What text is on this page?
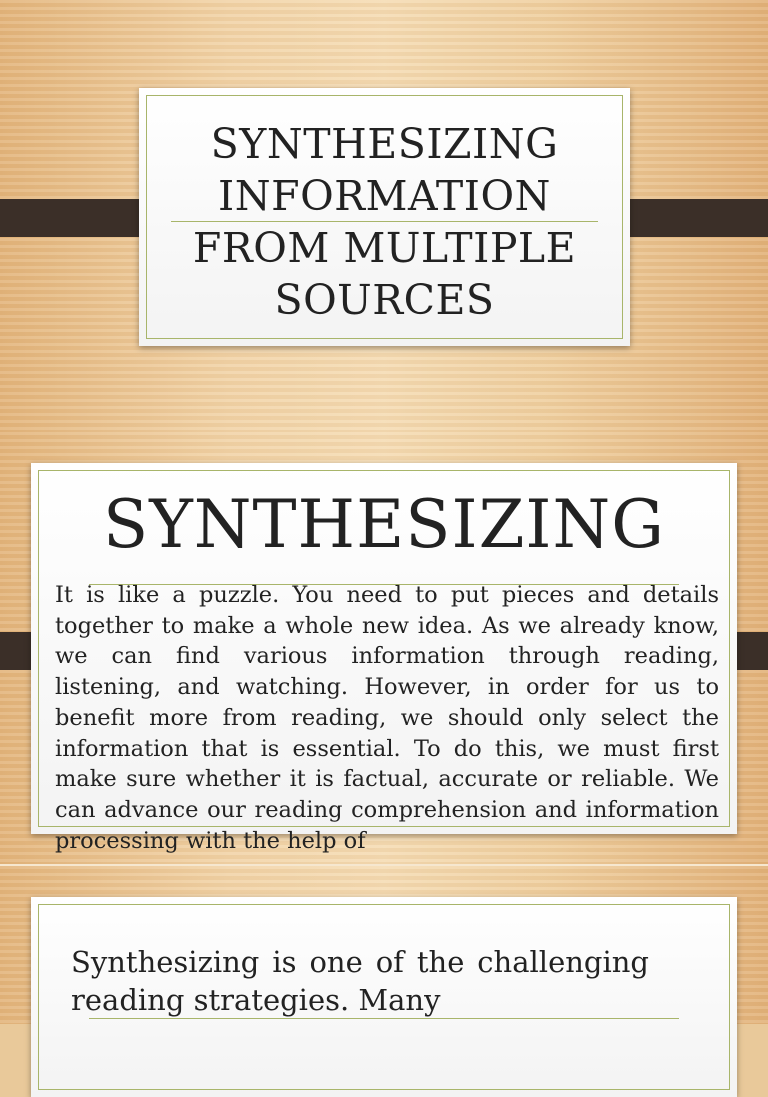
SYNTHESIZING INFORMATION FROM MULTIPLE SOURCES
SYNTHESIZING
It is like a puzzle. You need to put pieces and details together to make a whole new idea. As we already know, we can find various information through reading, listening, and watching. However, in order for us to benefit more from reading, we should only select the information that is essential. To do this, we must first make sure whether it is factual, accurate or reliable. We can advance our reading comprehension and information processing with the help of
Synthesizing is one of the challenging reading strategies. Many
